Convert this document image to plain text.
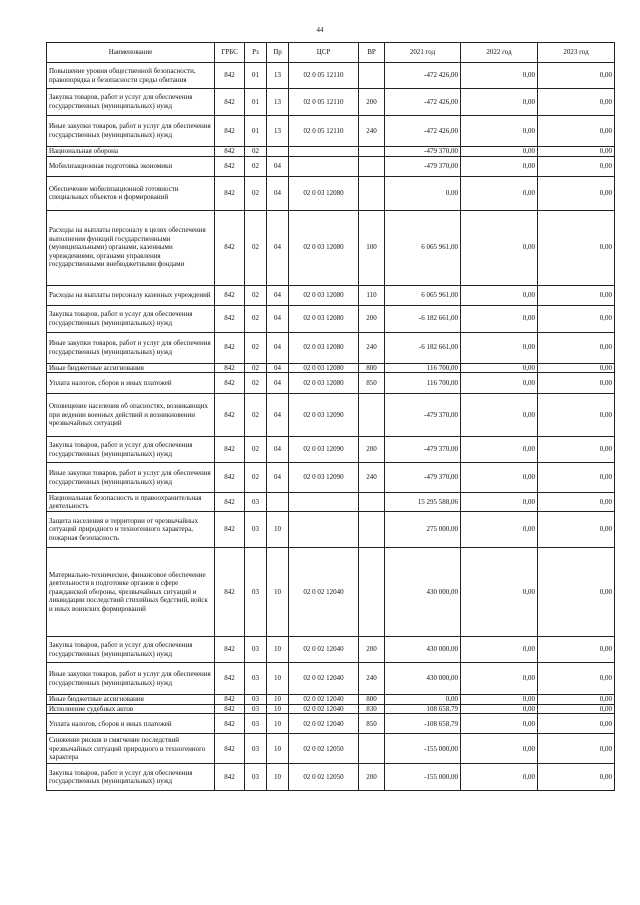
44
Наименование	ГРБС	Рз	Пр	ЦСР	ВР	2021 год	2022 год	2023 год
Повышение уровня общественной безопасности, правопорядка и безопасности среды обитания	842	01	13	02 0 05 12110		-472 426,00	0,00	0,00
Закупка товаров, работ и услуг для обеспечения государственных (муниципальных) нужд	842	01	13	02 0 05 12110	200	-472 426,00	0,00	0,00
Иные закупки товаров, работ и услуг для обеспечения государственных (муниципальных) нужд	842	01	13	02 0 05 12110	240	-472 426,00	0,00	0,00
Национальная оборона	842	02				-479 370,00	0,00	0,00
Мобилизационная подготовка экономики	842	02	04			-479 370,00	0,00	0,00
Обеспечение мобилизационной готовности специальных объектов и формирований	842	02	04	02 0 03 12080		0,00	0,00	0,00
Расходы на выплаты персоналу в целях обеспечения выполнения функций государственными (муниципальными) органами, казенными учреждениями, органами управления государственными внебюджетными фондами	842	02	04	02 0 03 12080	100	6 065 961,00	0,00	0,00
Расходы на выплаты персоналу казенных учреждений	842	02	04	02 0 03 12080	110	6 065 961,00	0,00	0,00
Закупка товаров, работ и услуг для обеспечения государственных (муниципальных) нужд	842	02	04	02 0 03 12080	200	-6 182 661,00	0,00	0,00
Иные закупки товаров, работ и услуг для обеспечения государственных (муниципальных) нужд	842	02	04	02 0 03 12080	240	-6 182 661,00	0,00	0,00
Иные бюджетные ассигнования	842	02	04	02 0 03 12080	800	116 700,00	0,00	0,00
Уплата налогов, сборов и иных платежей	842	02	04	02 0 03 12080	850	116 700,00	0,00	0,00
Оповещение населения об опасностях, возникающих при ведении военных действий и возникновении чрезвычайных ситуаций	842	02	04	02 0 03 12090		-479 370,00	0,00	0,00
Закупка товаров, работ и услуг для обеспечения государственных (муниципальных) нужд	842	02	04	02 0 03 12090	200	-479 370,00	0,00	0,00
Иные закупки товаров, работ и услуг для обеспечения государственных (муниципальных) нужд	842	02	04	02 0 03 12090	240	-479 370,00	0,00	0,00
Национальная безопасность и правоохранительная деятельность	842	03				15 295 588,06	0,00	0,00
Защита населения и территории от чрезвычайных ситуаций природного и техногенного характера, пожарная безопасность	842	03	10			275 000,00	0,00	0,00
Материально-техническое, финансовое обеспечение деятельности в подготовке органов в сфере гражданской обороны, чрезвычайных ситуаций и ликвидации последствий стихийных бедствий, войск и иных воинских формирований	842	03	10	02 0 02 12040		430 000,00	0,00	0,00
Закупка товаров, работ и услуг для обеспечения государственных (муниципальных) нужд	842	03	10	02 0 02 12040	200	430 000,00	0,00	0,00
Иные закупки товаров, работ и услуг для обеспечения государственных (муниципальных) нужд	842	03	10	02 0 02 12040	240	430 000,00	0,00	0,00
Иные бюджетные ассигнования	842	03	10	02 0 02 12040	800	0,00	0,00	0,00
Исполнение судебных актов	842	03	10	02 0 02 12040	830	108 658,79	0,00	0,00
Уплата налогов, сборов и иных платежей	842	03	10	02 0 02 12040	850	-108 658,79	0,00	0,00
Снижение рисков и смягчение последствий чрезвычайных ситуаций природного и техногенного характера	842	03	10	02 0 02 12050		-155 000,00	0,00	0,00
Закупка товаров, работ и услуг для обеспечения государственных (муниципальных) нужд	842	03	10	02 0 02 12050	200	-155 000,00	0,00	0,00
